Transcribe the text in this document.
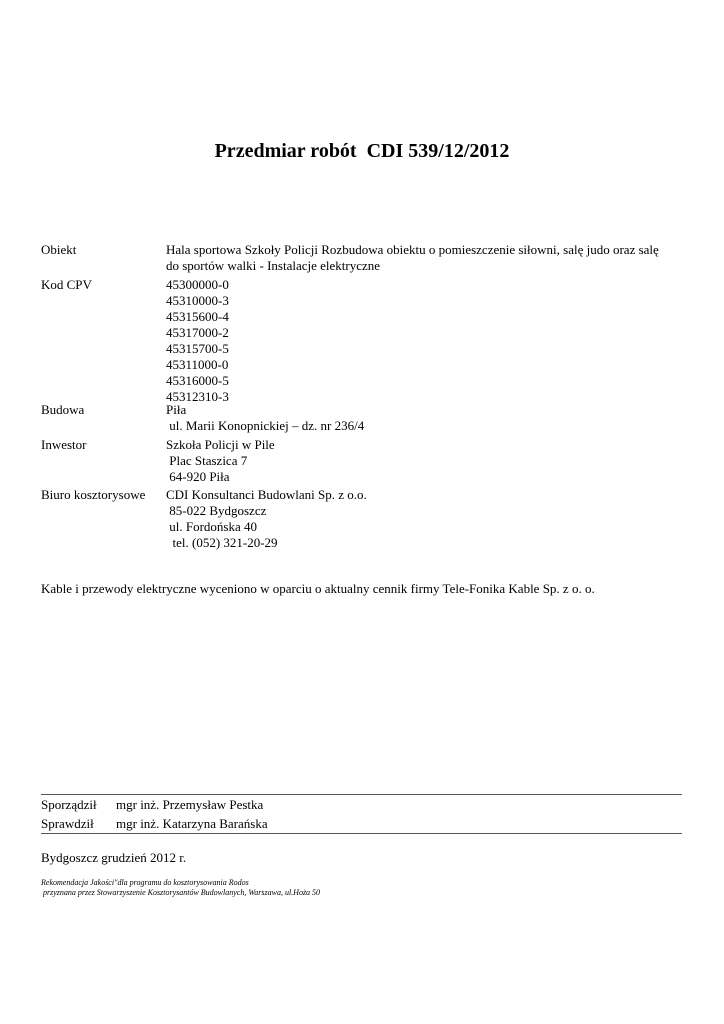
Przedmiar robót  CDI 539/12/2012
Obiekt	Hala sportowa Szkoły Policji Rozbudowa obiektu o pomieszczenie siłowni, salę judo oraz salę
do sportów walki - Instalacje elektryczne
Kod CPV	45300000-0
45310000-3
45315600-4
45317000-2
45315700-5
45311000-0
45316000-5
45312310-3
Budowa	Piła
ul. Marii Konopnickiej – dz. nr 236/4
Inwestor	Szkoła Policji w Pile
Plac Staszica 7
64-920 Piła
Biuro kosztorysowe	CDI Konsultanci Budowlani Sp. z o.o.
85-022 Bydgoszcz
ul. Fordońska 40
tel. (052) 321-20-29
Kable i przewody elektryczne wyceniono w oparciu o aktualny cennik firmy Tele-Fonika Kable Sp. z o. o.
Sporządził mgr inż. Przemysław Pestka
Sprawdził mgr inż. Katarzyna Barańska
Bydgoszcz grudzień 2012 r.
Rekomendacja Jakości"dla programu do kosztorysowania Rodos
przyznana przez Stowarzyszenie Kosztorysantów Budowlanych, Warszawa, ul.Hoża 50
